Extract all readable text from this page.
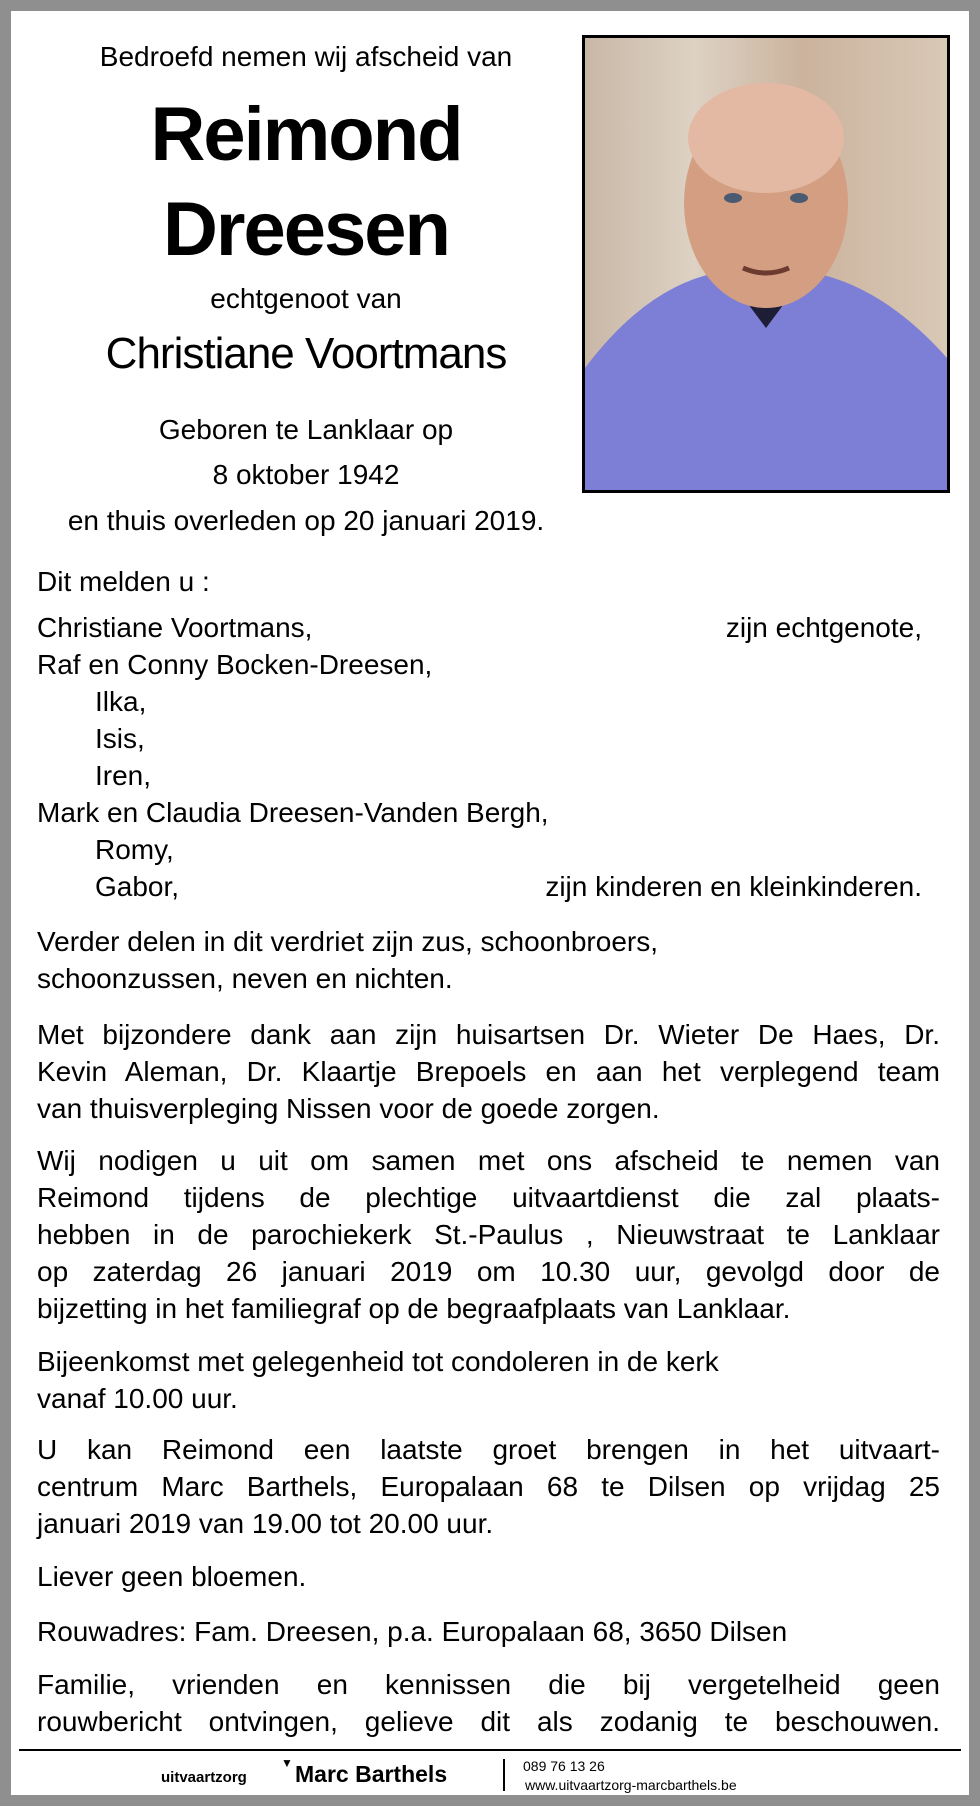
Bedroefd nemen wij afscheid van
Reimond
Dreesen
echtgenoot van
Christiane Voortmans
Geboren te Lanklaar op
8 oktober 1942
en thuis overleden op 20 januari 2019.
Dit melden u :
Christiane Voortmans,	zijn echtgenote,
Raf en Conny Bocken-Dreesen,
Ilka,
Isis,
Iren,
Mark en Claudia Dreesen-Vanden Bergh,
Romy,
Gabor,	zijn kinderen en kleinkinderen.
Verder delen in dit verdriet zijn zus, schoonbroers,
schoonzussen, neven en nichten.
Met bijzondere dank aan zijn huisartsen Dr. Wieter De Haes, Dr.
Kevin Aleman, Dr. Klaartje Brepoels en aan het verplegend team
van thuisverpleging Nissen voor de goede zorgen.
Wij nodigen u uit om samen met ons afscheid te nemen van
Reimond tijdens de plechtige uitvaartdienst die zal plaats-
hebben in de parochiekerk St.-Paulus , Nieuwstraat te Lanklaar
op zaterdag 26 januari 2019 om 10.30 uur, gevolgd door de
bijzetting in het familiegraf op de begraafplaats van Lanklaar.
Bijeenkomst met gelegenheid tot condoleren in de kerk
vanaf 10.00 uur.
U kan Reimond een laatste groet brengen in het uitvaart-
centrum Marc Barthels, Europalaan 68 te Dilsen op vrijdag 25
januari 2019 van 19.00 tot 20.00 uur.
Liever geen bloemen.
Rouwadres: Fam. Dreesen, p.a. Europalaan 68, 3650 Dilsen
Familie, vrienden en kennissen die bij vergetelheid geen
rouwbericht ontvingen, gelieve dit als zodanig te beschouwen.
uitvaartzorg
▼ Marc Barthels	089 76 13 26
www.uitvaartzorg-marcbarthels.be
